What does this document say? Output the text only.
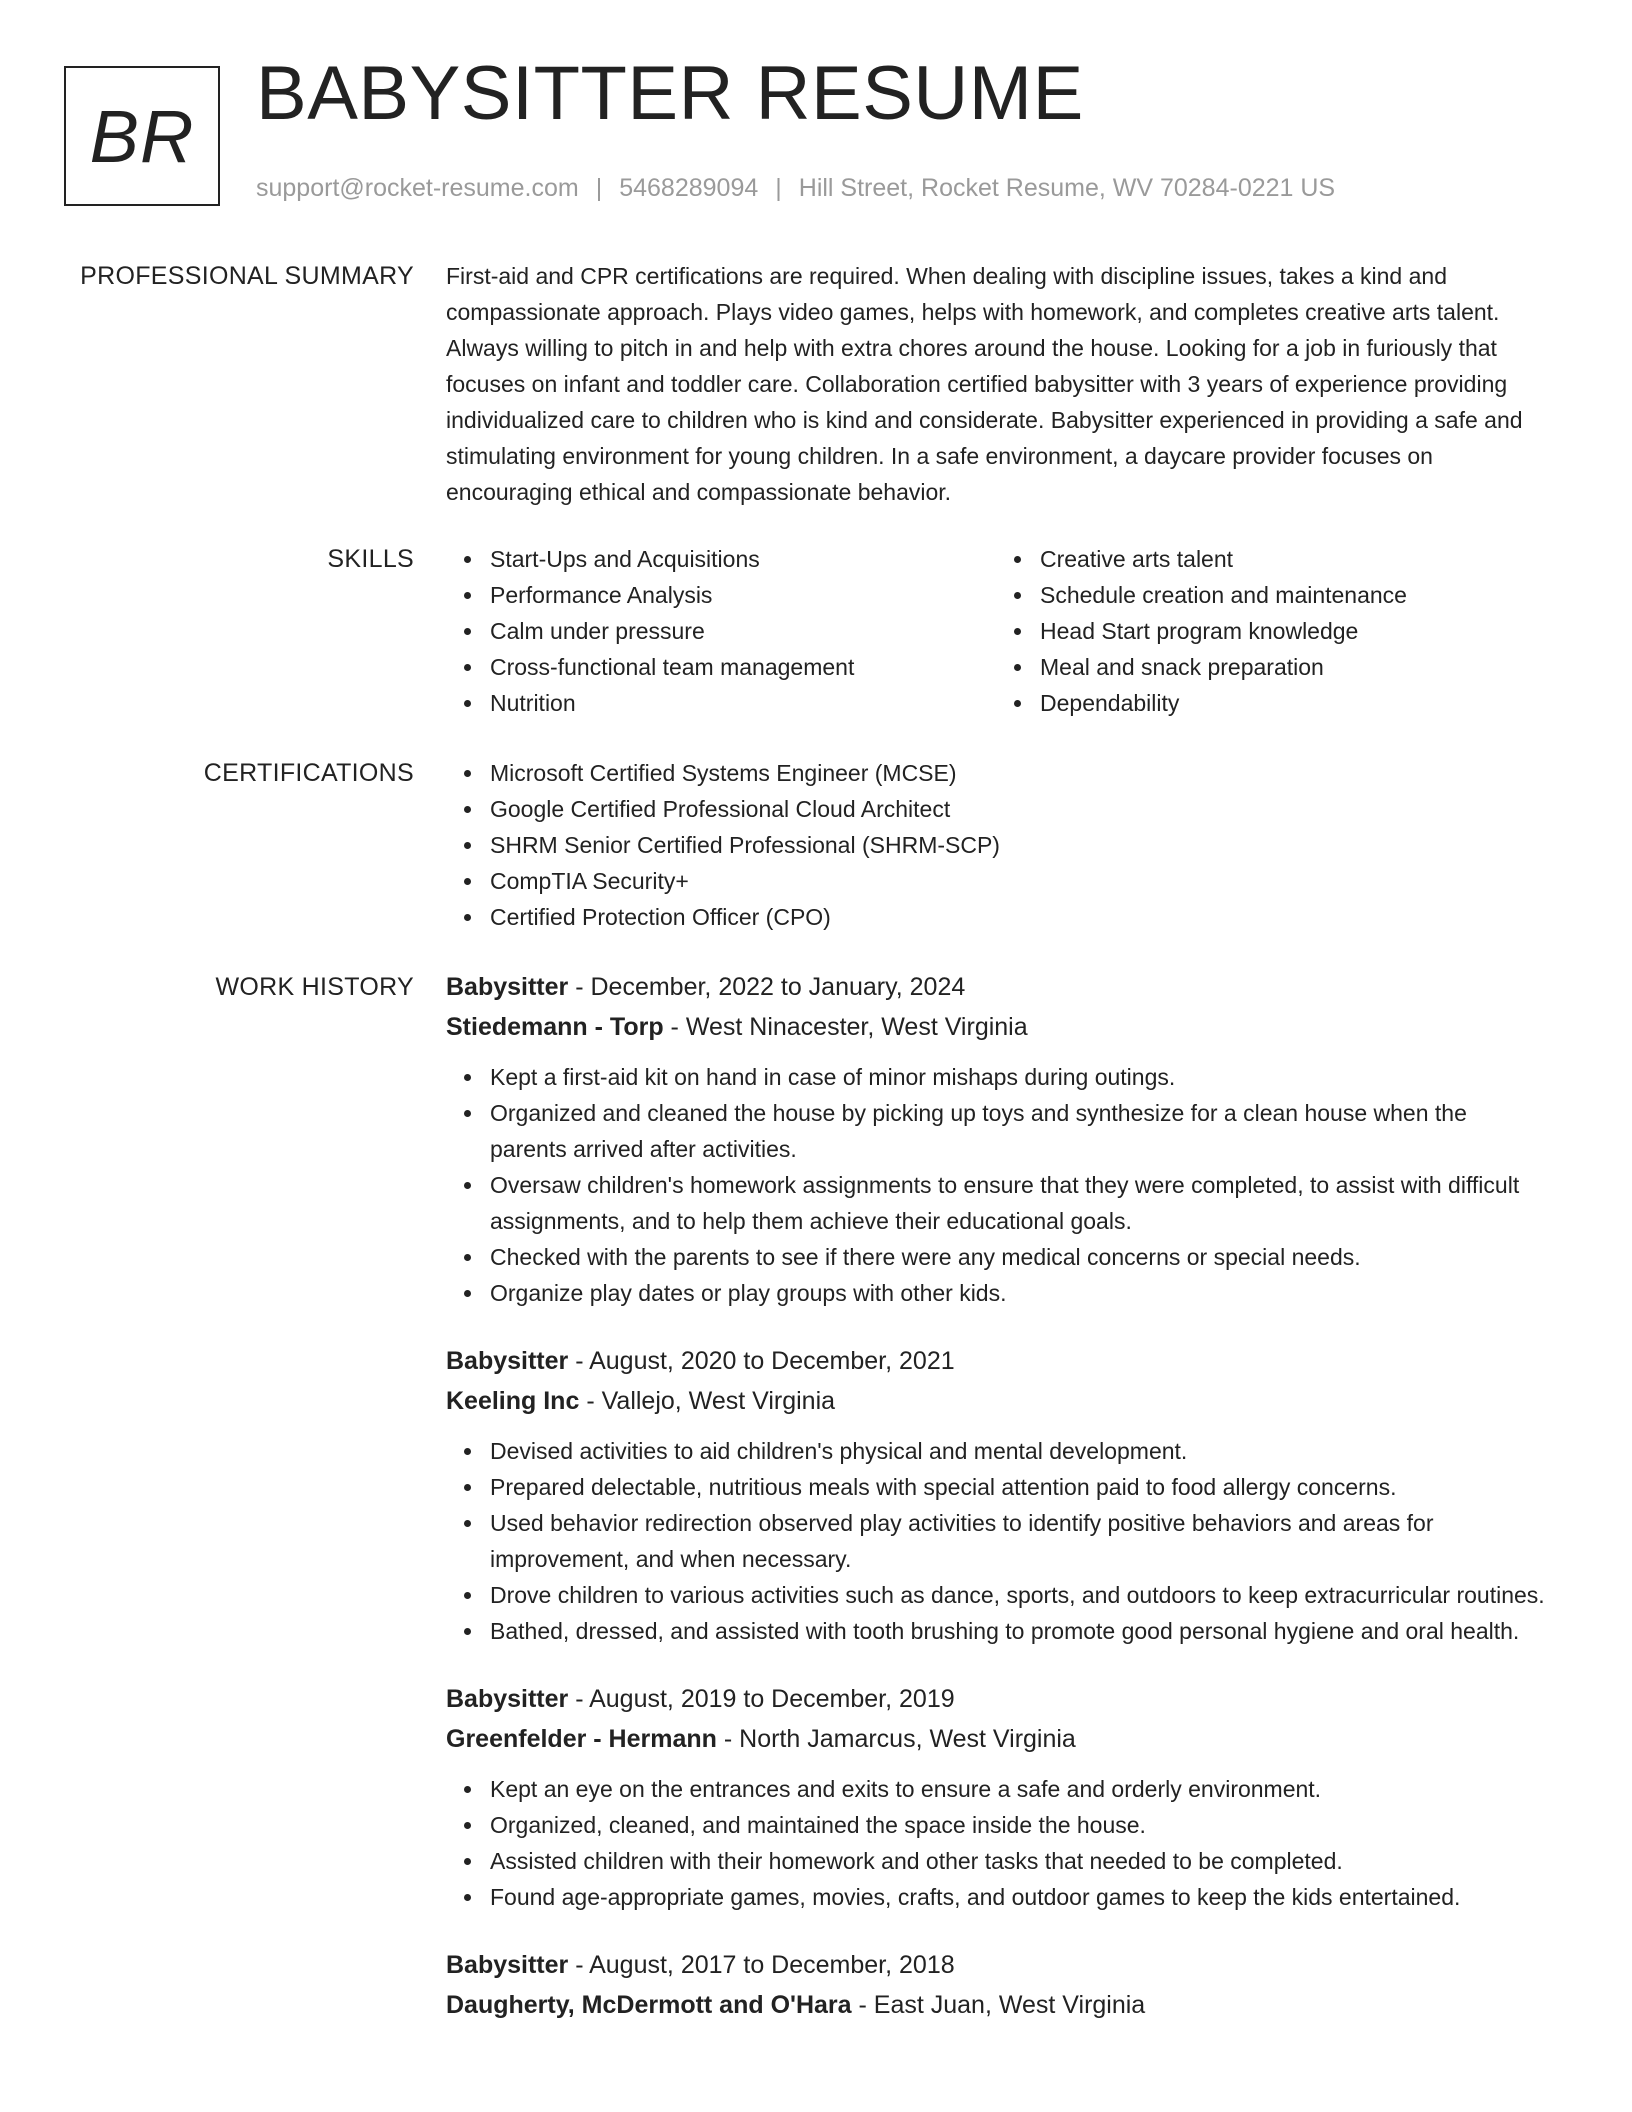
BR BABYSITTER RESUME
support@rocket-resume.com | 5468289094 | Hill Street, Rocket Resume, WV 70284-0221 US
PROFESSIONAL SUMMARY First-aid and CPR certifications are required. When dealing with discipline issues, takes a kind and compassionate approach. Plays video games, helps with homework, and completes creative arts talent. Always willing to pitch in and help with extra chores around the house. Looking for a job in furiously that focuses on infant and toddler care. Collaboration certified babysitter with 3 years of experience providing individualized care to children who is kind and considerate. Babysitter experienced in providing a safe and stimulating environment for young children. In a safe environment, a daycare provider focuses on encouraging ethical and compassionate behavior.

SKILLS	Start-Ups and Acquisitions
Performance Analysis
Calm under pressure
Cross-functional team management
Nutrition
Creative arts talent
Schedule creation and maintenance
Head Start program knowledge
Meal and snack preparation
Dependability
CERTIFICATIONS	Microsoft Certified Systems Engineer (MCSE)
Google Certified Professional Cloud Architect
SHRM Senior Certified Professional (SHRM-SCP)
CompTIA Security+
Certified Protection Officer (CPO)
WORK HISTORY Babysitter - December, 2022 to January, 2024
Stiedemann - Torp - West Ninacester, West Virginia
Kept a first-aid kit on hand in case of minor mishaps during outings.
Organized and cleaned the house by picking up toys and synthesize for a clean house when the parents arrived after activities.
Oversaw children's homework assignments to ensure that they were completed, to assist with difficult assignments, and to help them achieve their educational goals.
Checked with the parents to see if there were any medical concerns or special needs.
Organize play dates or play groups with other kids.
Babysitter - August, 2020 to December, 2021
Keeling Inc - Vallejo, West Virginia
Devised activities to aid children's physical and mental development.
Prepared delectable, nutritious meals with special attention paid to food allergy concerns.
Used behavior redirection observed play activities to identify positive behaviors and areas for improvement, and when necessary.
Drove children to various activities such as dance, sports, and outdoors to keep extracurricular routines.
Bathed, dressed, and assisted with tooth brushing to promote good personal hygiene and oral health.
Babysitter - August, 2019 to December, 2019
Greenfelder - Hermann - North Jamarcus, West Virginia
Kept an eye on the entrances and exits to ensure a safe and orderly environment.
Organized, cleaned, and maintained the space inside the house.
Assisted children with their homework and other tasks that needed to be completed.
Found age-appropriate games, movies, crafts, and outdoor games to keep the kids entertained.
Babysitter - August, 2017 to December, 2018
Daugherty, McDermott and O'Hara - East Juan, West Virginia
